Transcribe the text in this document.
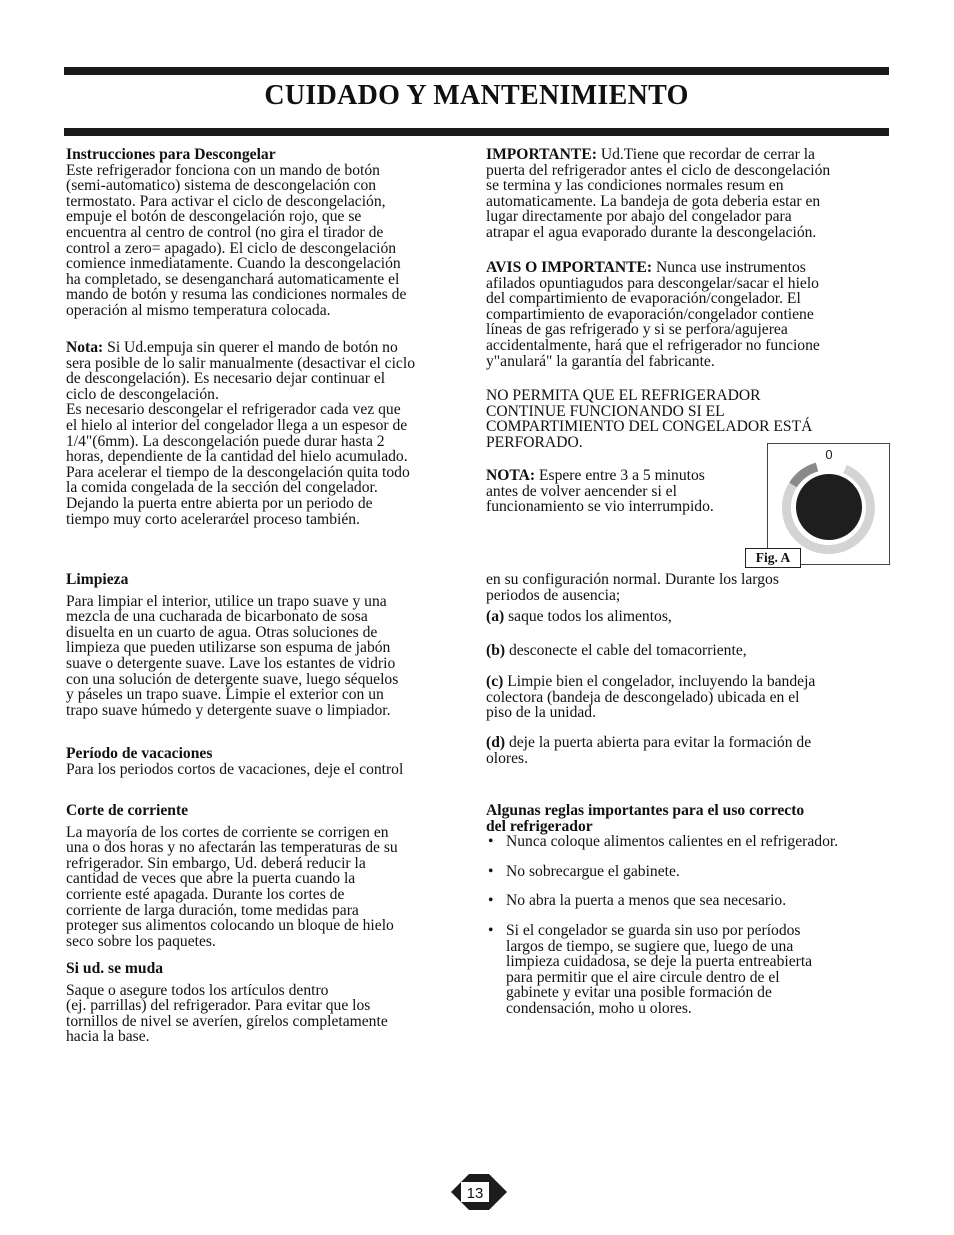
CUIDADO Y MANTENIMIENTO

Instrucciones para Descongelar

Este refrigerador fonciona con un mando de botón

(semi-automatico) sistema de descongelación con

termostato. Para activar el ciclo de descongelación,

empuje el botón de descongelación rojo, que se

encuentra al centro de control (no gira el tirador de

control a zero= apagado). El ciclo de descongelación

comience inmediatamente. Cuando la descongelación

ha completado, se desenganchará automaticamente el

mando de botón y resuma las condiciones normales de

operación al mismo temperatura colocada.

Nota: Si Ud.empuja sin querer el mando de botón no

sera posible de lo salir manualmente (desactivar el ciclo

de descongelación). Es necesario dejar continuar el

ciclo de descongelación.

Es necesario descongelar el refrigerador cada vez que

el hielo al interior del congelador llega a un espesor de

1/4"(6mm). La descongelación puede durar hasta 2

horas, dependiente de la cantidad del hielo acumulado.

Para acelerar el tiempo de la descongelación quita todo

la comida congelada de la sección del congelador.

Dejando la puerta entre abierta por un periodo de

tiempo muy corto acelerarάel proceso también.

Limpieza

Para limpiar el interior, utilice un trapo suave y una

mezcla de una cucharada de bicarbonato de sosa

disuelta en un cuarto de agua. Otras soluciones de

limpieza que pueden utilizarse son espuma de jabón

suave o detergente suave. Lave los estantes de vidrio

con una solución de detergente suave, luego séquelos

y páseles un trapo suave. Limpie el exterior con un

trapo suave húmedo y detergente suave o limpiador.

Período de vacaciones

Para los periodos cortos de vacaciones, deje el control

Corte de corriente

La mayoría de los cortes de corriente se corrigen en

una o dos horas y no afectarán las temperaturas de su

refrigerador. Sin embargo, Ud. deberá reducir la

cantidad de veces que abre la puerta cuando la

corriente esté apagada. Durante los cortes de

corriente de larga duración, tome medidas para

proteger sus alimentos colocando un bloque de hielo

seco sobre los paquetes.

Si ud. se muda

Saque o asegure todos los artículos dentro

(ej. parrillas) del refrigerador. Para evitar que los

tornillos de nivel se averíen, gírelos completamente

hacia la base.

IMPORTANTE: Ud.Tiene que recordar de cerrar la

puerta del refrigerador antes el ciclo de descongelación

se termina y las condiciones normales resum en

automaticamente. La bandeja de gota deberia estar en

lugar directamente por abajo del congelador para

atrapar el agua evaporado durante la descongelación.

AVIS O IMPORTANTE: Nunca use instrumentos

afilados opuntiagudos para descongelar/sacar el hielo

del compartimiento de evaporación/congelador. El

compartimiento de evaporación/congelador contiene

líneas de gas refrigerado y si se perfora/agujerea

accidentalmente, hará que el refrigerador no funcione

y"anulará" la garantía del fabricante.

NO PERMITA QUE EL REFRIGERADOR

CONTINUE FUNCIONANDO SI EL

COMPARTIMIENTO DEL CONGELADOR ESTÁ

PERFORADO.

NOTA: Espere entre 3 a 5 minutos

antes de volver aencender si el

funcionamiento se vio interrumpido.

0
Fig. A

en su configuración normal. Durante los largos

periodos de ausencia;

(a) saque todos los alimentos,

(b) desconecte el cable del tomacorriente,

(c) Limpie bien el congelador, incluyendo la bandeja

colectora (bandeja de descongelado) ubicada en el

piso de la unidad.

(d) deje la puerta abierta para evitar la formación de

olores.

Algunas reglas importantes para el uso correcto

del refrigerador

• Nunca coloque alimentos calientes en el refrigerador.

• No sobrecargue el gabinete.

• No abra la puerta a menos que sea necesario.

• Si el congelador se guarda sin uso por períodos

largos de tiempo, se sugiere que, luego de una

limpieza cuidadosa, se deje la puerta entreabierta

para permitir que el aire circule dentro de el

gabinete y evitar una posible formación de

condensación, moho u olores.

13
